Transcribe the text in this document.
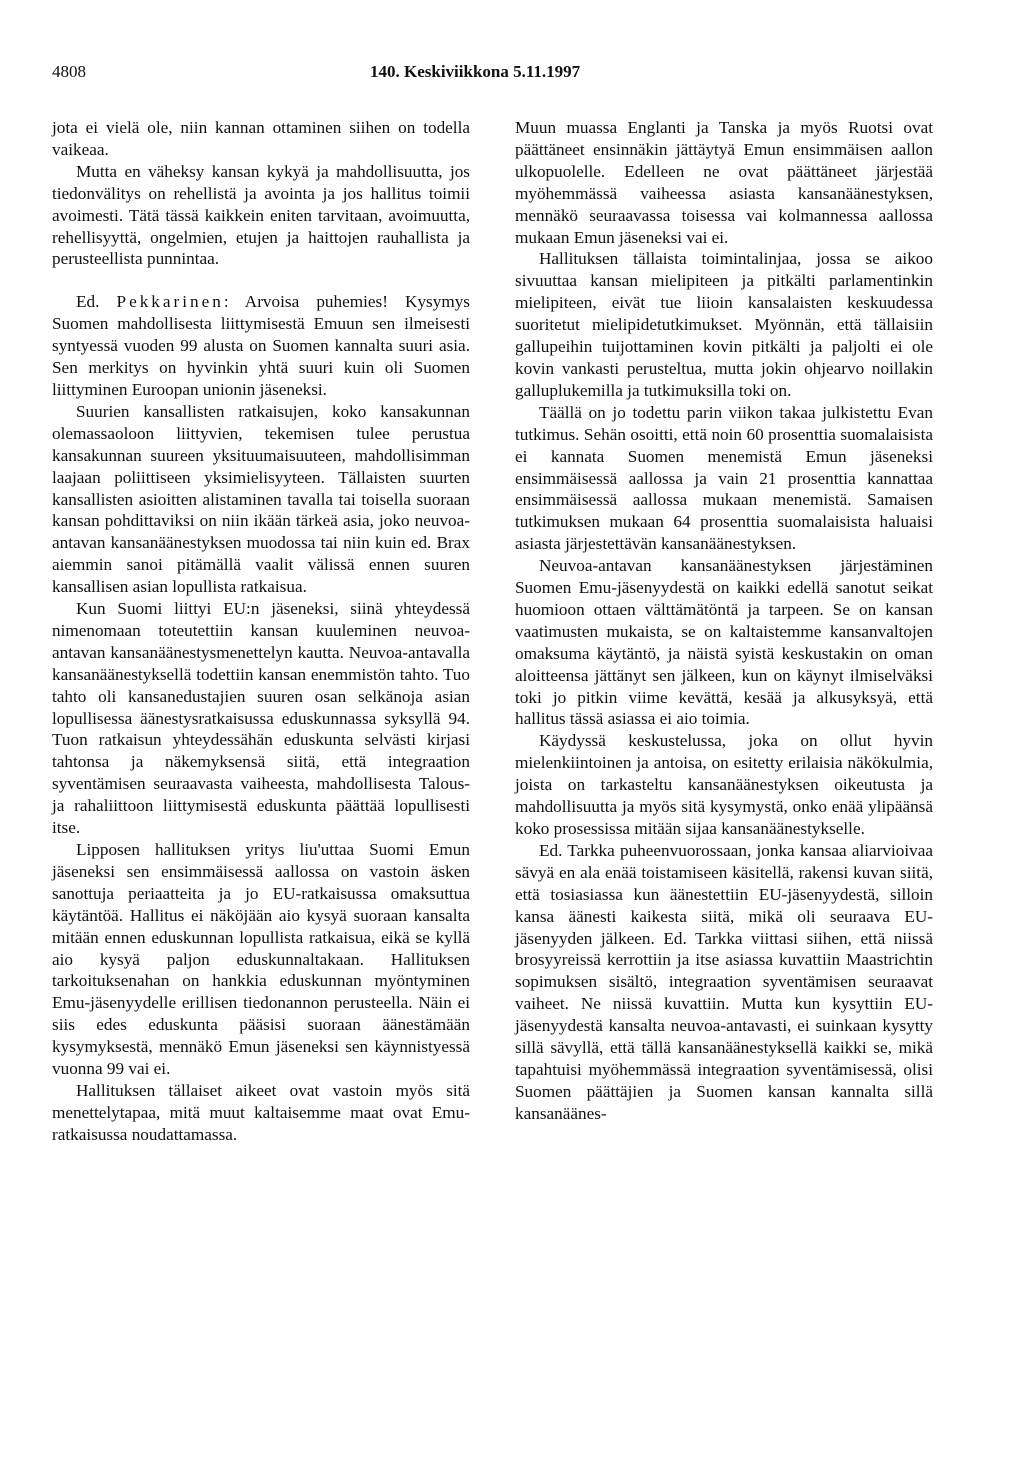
4808	140. Keskiviikkona 5.11.1997

jota ei vielä ole, niin kannan ottaminen siihen on todella vaikeaa.

Mutta en väheksy kansan kykyä ja mahdollisuutta, jos tiedonvälitys on rehellistä ja avointa ja jos hallitus toimii avoimesti. Tätä tässä kaikkein eniten tarvitaan, avoimuutta, rehellisyyttä, ongelmien, etujen ja haittojen rauhallista ja perusteellista punnintaa.

Ed. Pekkarinen: Arvoisa puhemies! Kysymys Suomen mahdollisesta liittymisestä Emuun sen ilmeisesti syntyessä vuoden 99 alusta on Suomen kannalta suuri asia. Sen merkitys on hyvinkin yhtä suuri kuin oli Suomen liittyminen Euroopan unionin jäseneksi.

Suurien kansallisten ratkaisujen, koko kansakunnan olemassaoloon liittyvien, tekemisen tulee perustua kansakunnan suureen yksituumaisuuteen, mahdollisimman laajaan poliittiseen yksimielisyyteen. Tällaisten suurten kansallisten asioitten alistaminen tavalla tai toisella suoraan kansan pohdittaviksi on niin ikään tärkeä asia, joko neuvoa-antavan kansanäänestyksen muodossa tai niin kuin ed. Brax aiemmin sanoi pitämällä vaalit välissä ennen suuren kansallisen asian lopullista ratkaisua.

Kun Suomi liittyi EU:n jäseneksi, siinä yhteydessä nimenomaan toteutettiin kansan kuuleminen neuvoa-antavan kansanäänestysmenettelyn kautta. Neuvoa-antavalla kansanäänestyksellä todettiin kansan enemmistön tahto. Tuo tahto oli kansanedustajien suuren osan selkänoja asian lopullisessa äänestysratkaisussa eduskunnassa syksyllä 94. Tuon ratkaisun yhteydessähän eduskunta selvästi kirjasi tahtonsa ja näkemyksensä siitä, että integraation syventämisen seuraavasta vaiheesta, mahdollisesta Talous- ja rahaliittoon liittymisestä eduskunta päättää lopullisesti itse.

Lipposen hallituksen yritys liu'uttaa Suomi Emun jäseneksi sen ensimmäisessä aallossa on vastoin äsken sanottuja periaatteita ja jo EU-ratkaisussa omaksuttua käytäntöä. Hallitus ei näköjään aio kysyä suoraan kansalta mitään ennen eduskunnan lopullista ratkaisua, eikä se kyllä aio kysyä paljon eduskunnaltakaan. Hallituksen tarkoituksenahan on hankkia eduskunnan myöntyminen Emu-jäsenyydelle erillisen tiedonannon perusteella. Näin ei siis edes eduskunta pääsisi suoraan äänestämään kysymyksestä, mennäkö Emun jäseneksi sen käynnistyessä vuonna 99 vai ei.

Hallituksen tällaiset aikeet ovat vastoin myös sitä menettelytapaa, mitä muut kaltaisemme maat ovat Emu-ratkaisussa noudattamassa.

Muun muassa Englanti ja Tanska ja myös Ruotsi ovat päättäneet ensinnäkin jättäytyä Emun ensimmäisen aallon ulkopuolelle. Edelleen ne ovat päättäneet järjestää myöhemmässä vaiheessa asiasta kansanäänestyksen, mennäkö seuraavassa toisessa vai kolmannessa aallossa mukaan Emun jäseneksi vai ei.

Hallituksen tällaista toimintalinjaa, jossa se aikoo sivuuttaa kansan mielipiteen ja pitkälti parlamentinkin mielipiteen, eivät tue liioin kansalaisten keskuudessa suoritetut mielipidetutkimukset. Myönnän, että tällaisiin gallupeihin tuijottaminen kovin pitkälti ja paljolti ei ole kovin vankasti perusteltua, mutta jokin ohjearvo noillakin galluplukemilla ja tutkimuksilla toki on.

Täällä on jo todettu parin viikon takaa julkistettu Evan tutkimus. Sehän osoitti, että noin 60 prosenttia suomalaisista ei kannata Suomen menemistä Emun jäseneksi ensimmäisessä aallossa ja vain 21 prosenttia kannattaa ensimmäisessä aallossa mukaan menemistä. Samaisen tutkimuksen mukaan 64 prosenttia suomalaisista haluaisi asiasta järjestettävän kansanäänestyksen.

Neuvoa-antavan kansanäänestyksen järjestäminen Suomen Emu-jäsenyydestä on kaikki edellä sanotut seikat huomioon ottaen välttämätöntä ja tarpeen. Se on kansan vaatimusten mukaista, se on kaltaistemme kansanvaltojen omaksuma käytäntö, ja näistä syistä keskustakin on oman aloitteensa jättänyt sen jälkeen, kun on käynyt ilmiselväksi toki jo pitkin viime kevättä, kesää ja alkusyksyä, että hallitus tässä asiassa ei aio toimia.

Käydyssä keskustelussa, joka on ollut hyvin mielenkiintoinen ja antoisa, on esitetty erilaisia näkökulmia, joista on tarkasteltu kansanäänestyksen oikeutusta ja mahdollisuutta ja myös sitä kysymystä, onko enää ylipäänsä koko prosessissa mitään sijaa kansanäänestykselle.

Ed. Tarkka puheenvuorossaan, jonka kansaa aliarvioivaa sävyä en ala enää toistamiseen käsitellä, rakensi kuvan siitä, että tosiasiassa kun äänestettiin EU-jäsenyydestä, silloin kansa äänesti kaikesta siitä, mikä oli seuraava EU-jäsenyyden jälkeen. Ed. Tarkka viittasi siihen, että niissä brosyyreissä kerrottiin ja itse asiassa kuvattiin Maastrichtin sopimuksen sisältö, integraation syventämisen seuraavat vaiheet. Ne niissä kuvattiin. Mutta kun kysyttiin EU-jäsenyydestä kansalta neuvoa-antavasti, ei suinkaan kysytty sillä sävyllä, että tällä kansanäänestyksellä kaikki se, mikä tapahtuisi myöhemmässä integraation syventämisessä, olisi Suomen päättäjien ja Suomen kansan kannalta sillä kansanäänes-
